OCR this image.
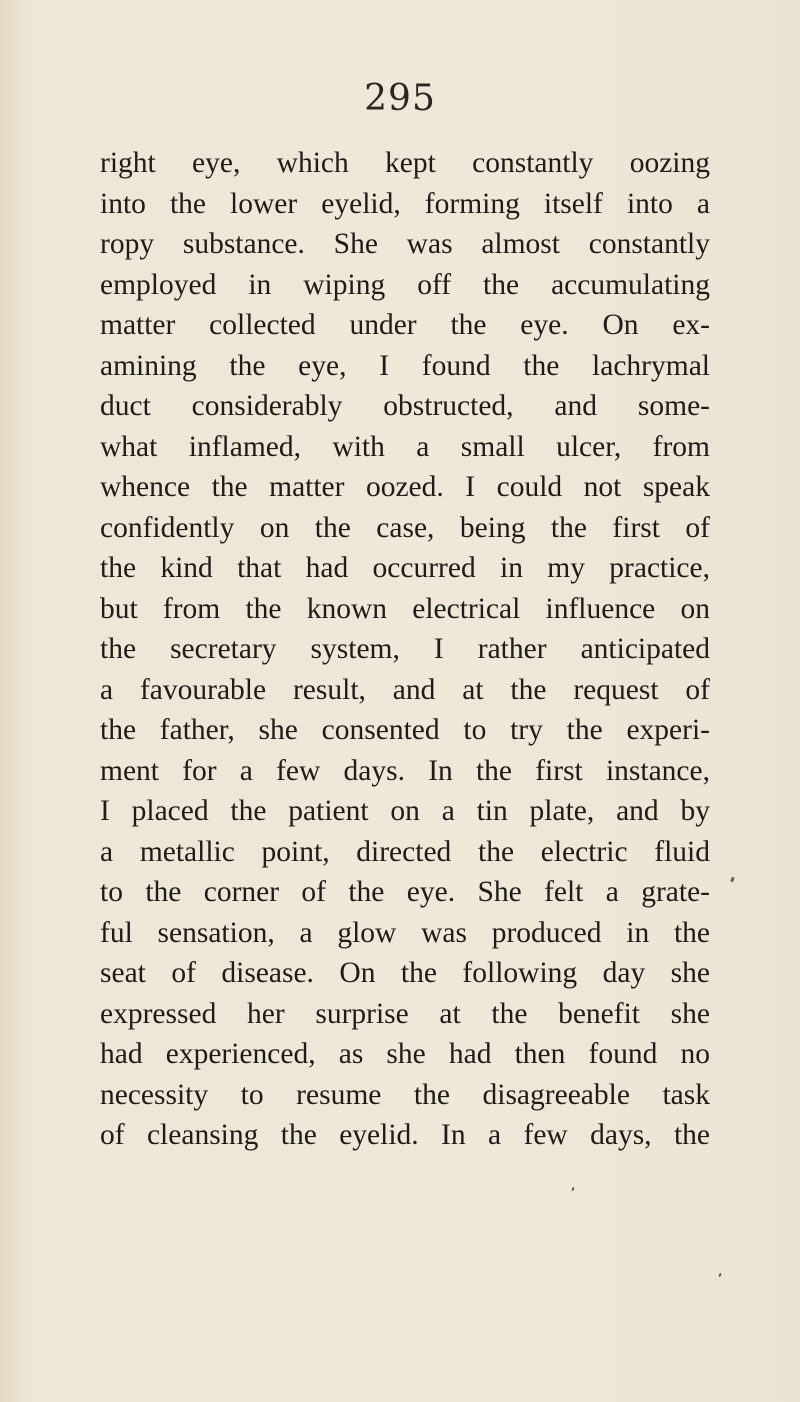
295
right eye, which kept constantly oozing
into the lower eyelid, forming itself into a
ropy substance. She was almost constantly
employed in wiping off the accumulating
matter collected under the eye. On ex-
amining the eye, I found the lachrymal
duct considerably obstructed, and some-
what inflamed, with a small ulcer, from
whence the matter oozed. I could not speak
confidently on the case, being the first of
the kind that had occurred in my practice,
but from the known electrical influence on
the secretary system, I rather anticipated
a favourable result, and at the request of
the father, she consented to try the experi-
ment for a few days. In the first instance,
I placed the patient on a tin plate, and by
a metallic point, directed the electric fluid
to the corner of the eye. She felt a grate-
ful sensation, a glow was produced in the
seat of disease. On the following day she
expressed her surprise at the benefit she
had experienced, as she had then found no
necessity to resume the disagreeable task
of cleansing the eyelid. In a few days, the
